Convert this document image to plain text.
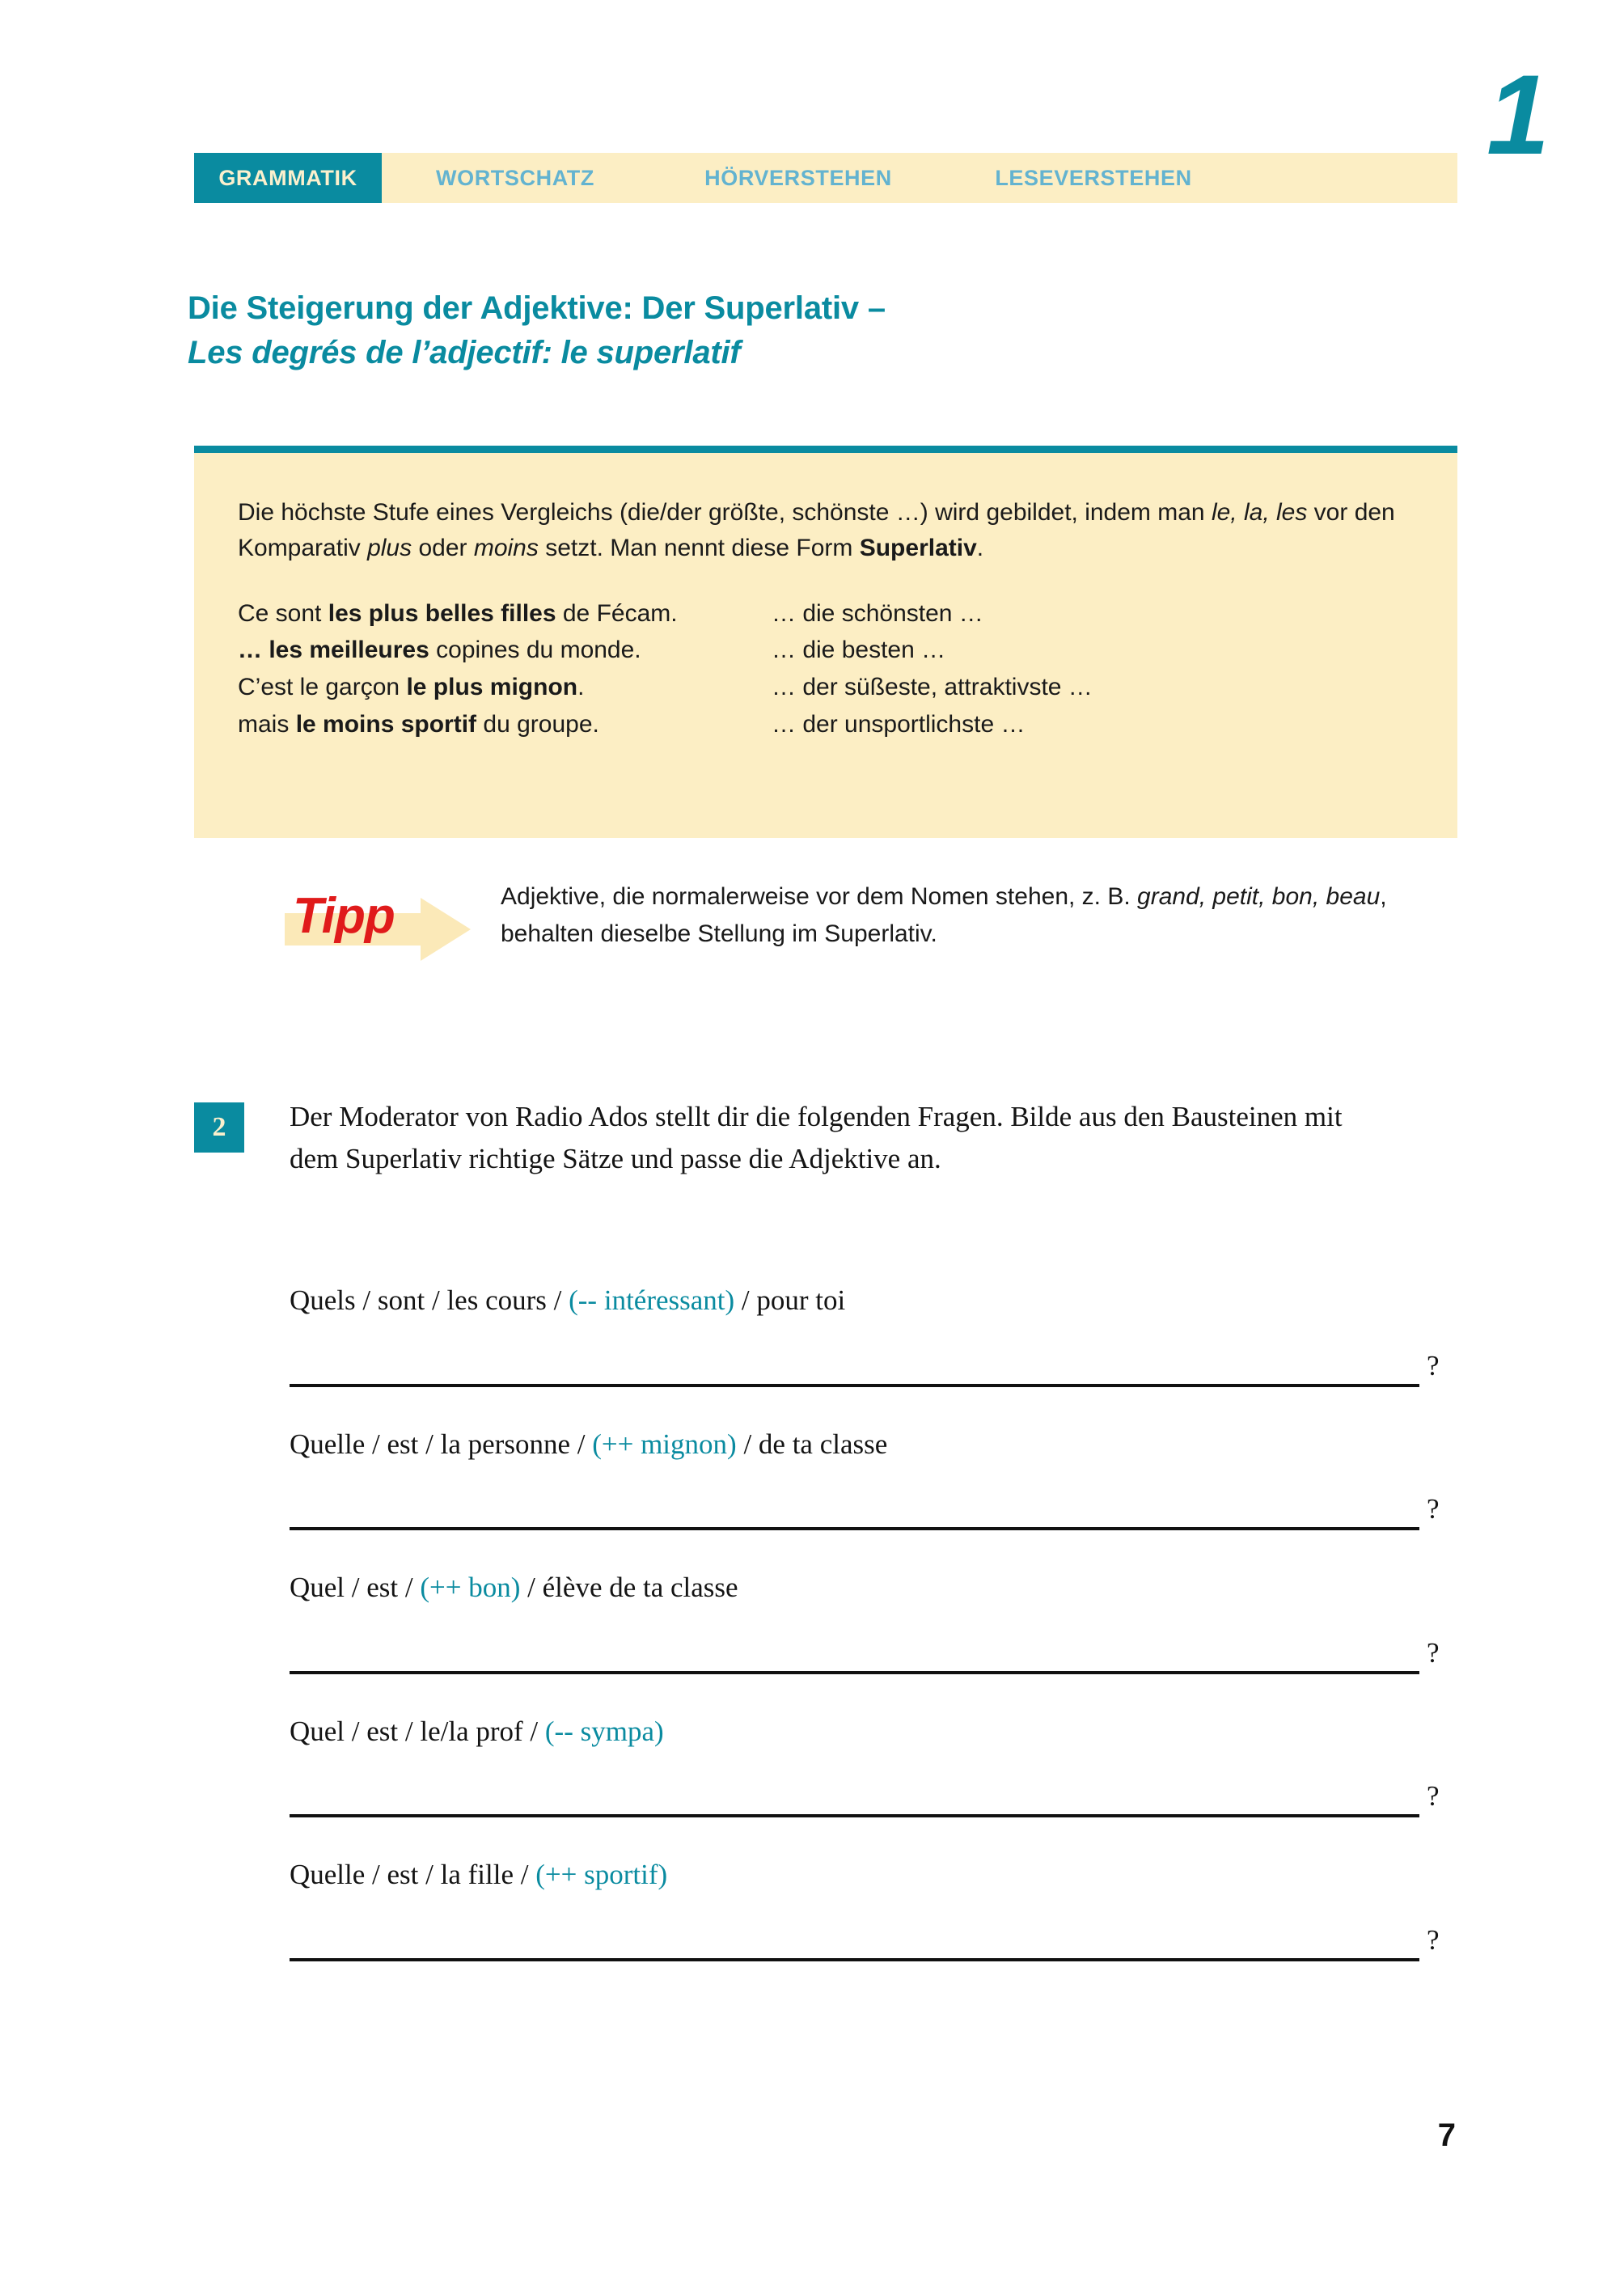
GRAMMATIK	WORTSCHATZ	HÖRVERSTEHEN	LESEVERSTEHEN	1
Die Steigerung der Adjektive: Der Superlativ –
Les degrés de l’adjectif: le superlatif

Die höchste Stufe eines Vergleichs (die/der größte, schönste …) wird gebildet, indem man le, la, les vor den Komparativ plus oder moins setzt. Man nennt diese Form Superlativ.

Ce sont les plus belles filles de Fécam.	… die schönsten …
… les meilleures copines du monde.	… die besten …
C’est le garçon le plus mignon.	… der süßeste, attraktivste …
mais le moins sportif du groupe.	… der unsportlichste …
Tipp	Adjektive, die normalerweise vor dem Nomen stehen, z. B. grand, petit, bon, beau, behalten dieselbe Stellung im Superlativ.
2	Der Moderator von Radio Ados stellt dir die folgenden Fragen. Bilde aus den Bausteinen mit dem Superlativ richtige Sätze und passe die Adjektive an.
Quels / sont / les cours / (-- intéressant) / pour toi
?
Quelle / est / la personne / (++ mignon) / de ta classe
?
Quel / est / (++ bon) / élève de ta classe
?
Quel / est / le/la prof / (-- sympa)
?
Quelle / est / la fille / (++ sportif)
?
7
